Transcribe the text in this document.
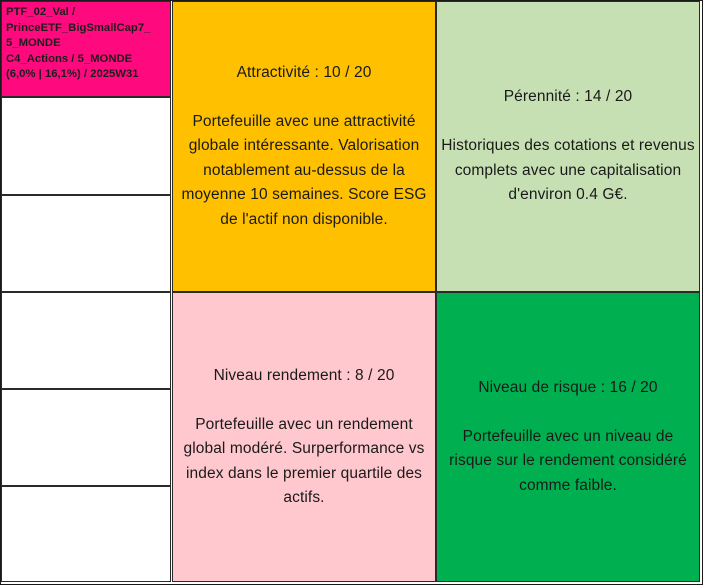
PTF_02_Val /
PrinceETF_BigSmallCap7_
5_MONDE
C4_Actions / 5_MONDE
(6,0% | 16,1%) / 2025W31	Attractivité : 10 / 20
Portefeuille avec une attractivité globale intéressante. Valorisation notablement au-dessus de la moyenne 10 semaines. Score ESG de l'actif non disponible.
Pérennité : 14 / 20
Historiques des cotations et revenus complets avec une capitalisation d'environ 0.4 G€.
Niveau rendement : 8 / 20
Portefeuille avec un rendement global modéré. Surperformance vs index dans le premier quartile des actifs.
Niveau de risque : 16 / 20
Portefeuille avec un niveau de risque sur le rendement considéré comme faible.
